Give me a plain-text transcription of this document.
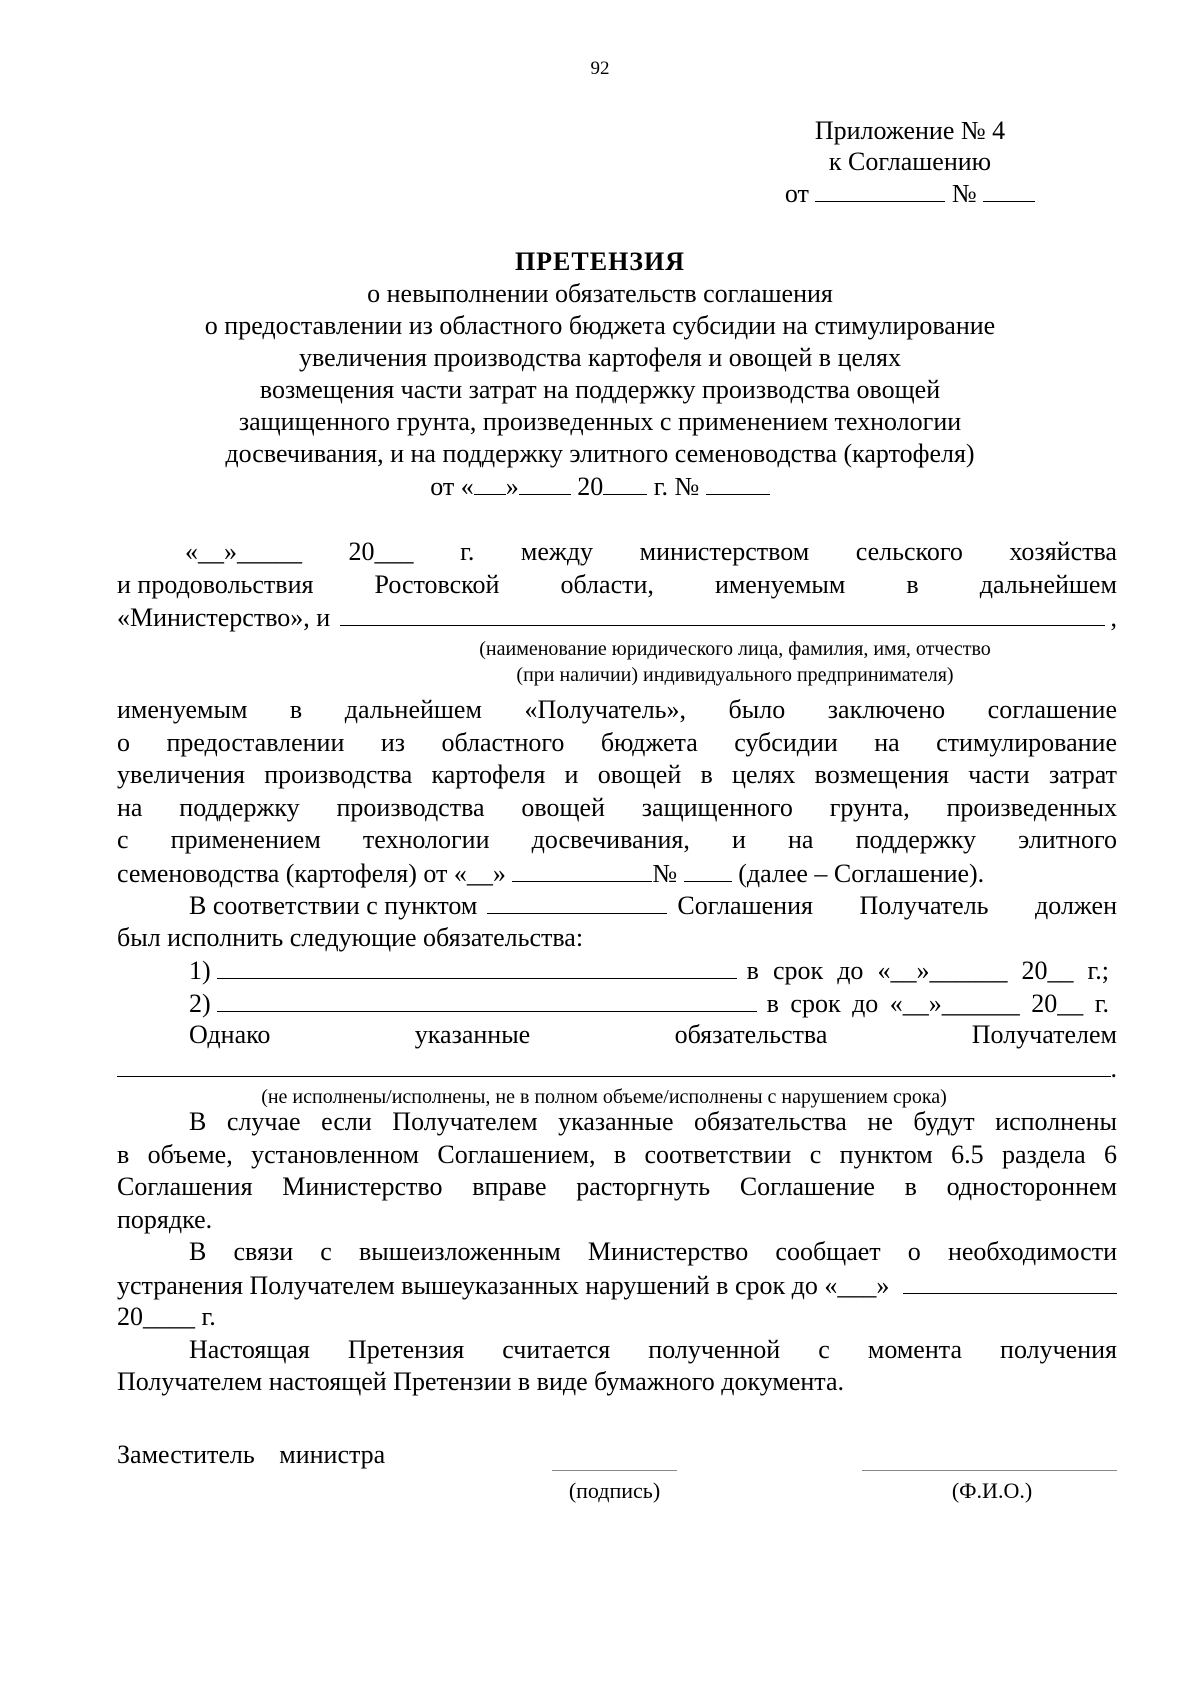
92
Приложение № 4
к Соглашению
от	№
ПРЕТЕНЗИЯ
о невыполнении обязательств соглашения
о предоставлении из областного бюджета субсидии на стимулирование
увеличения производства картофеля и овощей в целях
возмещения части затрат на поддержку производства овощей
защищенного грунта, произведенных с применением технологии
досвечивания, и на поддержку элитного семеноводства (картофеля)
от « » 20 г. №
«__»_____ 20___ г. между министерством сельского хозяйства
и продовольствия Ростовской области, именуемым в дальнейшем
«Министерство», и	,
(наименование юридического лица, фамилия, имя, отчество
(при наличии) индивидуального предпринимателя)
именуемым в дальнейшем «Получатель», было заключено соглашение
о предоставлении из областного бюджета субсидии на стимулирование
увеличения производства картофеля и овощей в целях возмещения части затрат
на поддержку производства овощей защищенного грунта, произведенных
с применением технологии досвечивания, и на поддержку элитного
семеноводства (картофеля) от «__»	№ (далее – Соглашение).
В соответствии с пунктом	Соглашения Получатель должен
был исполнить следующие обязательства:
1)	в срок до «__»______ 20__ г.;
2)	в срок до «__»______ 20__ г.
Однако	указанные	обязательства	Получателем
.
(не исполнены/исполнены, не в полном объеме/исполнены с нарушением срока)
В случае если Получателем указанные обязательства не будут исполнены
в объеме, установленном Соглашением, в соответствии с пунктом 6.5 раздела 6
Соглашения Министерство вправе расторгнуть Соглашение в одностороннем
порядке.
В связи с вышеизложенным Министерство сообщает о необходимости
устранения Получателем вышеуказанных нарушений в срок до «___»
20____ г.
Настоящая Претензия считается полученной с момента получения
Получателем настоящей Претензии в виде бумажного документа.
Заместитель министра
(подпись)	(Ф.И.О.)
